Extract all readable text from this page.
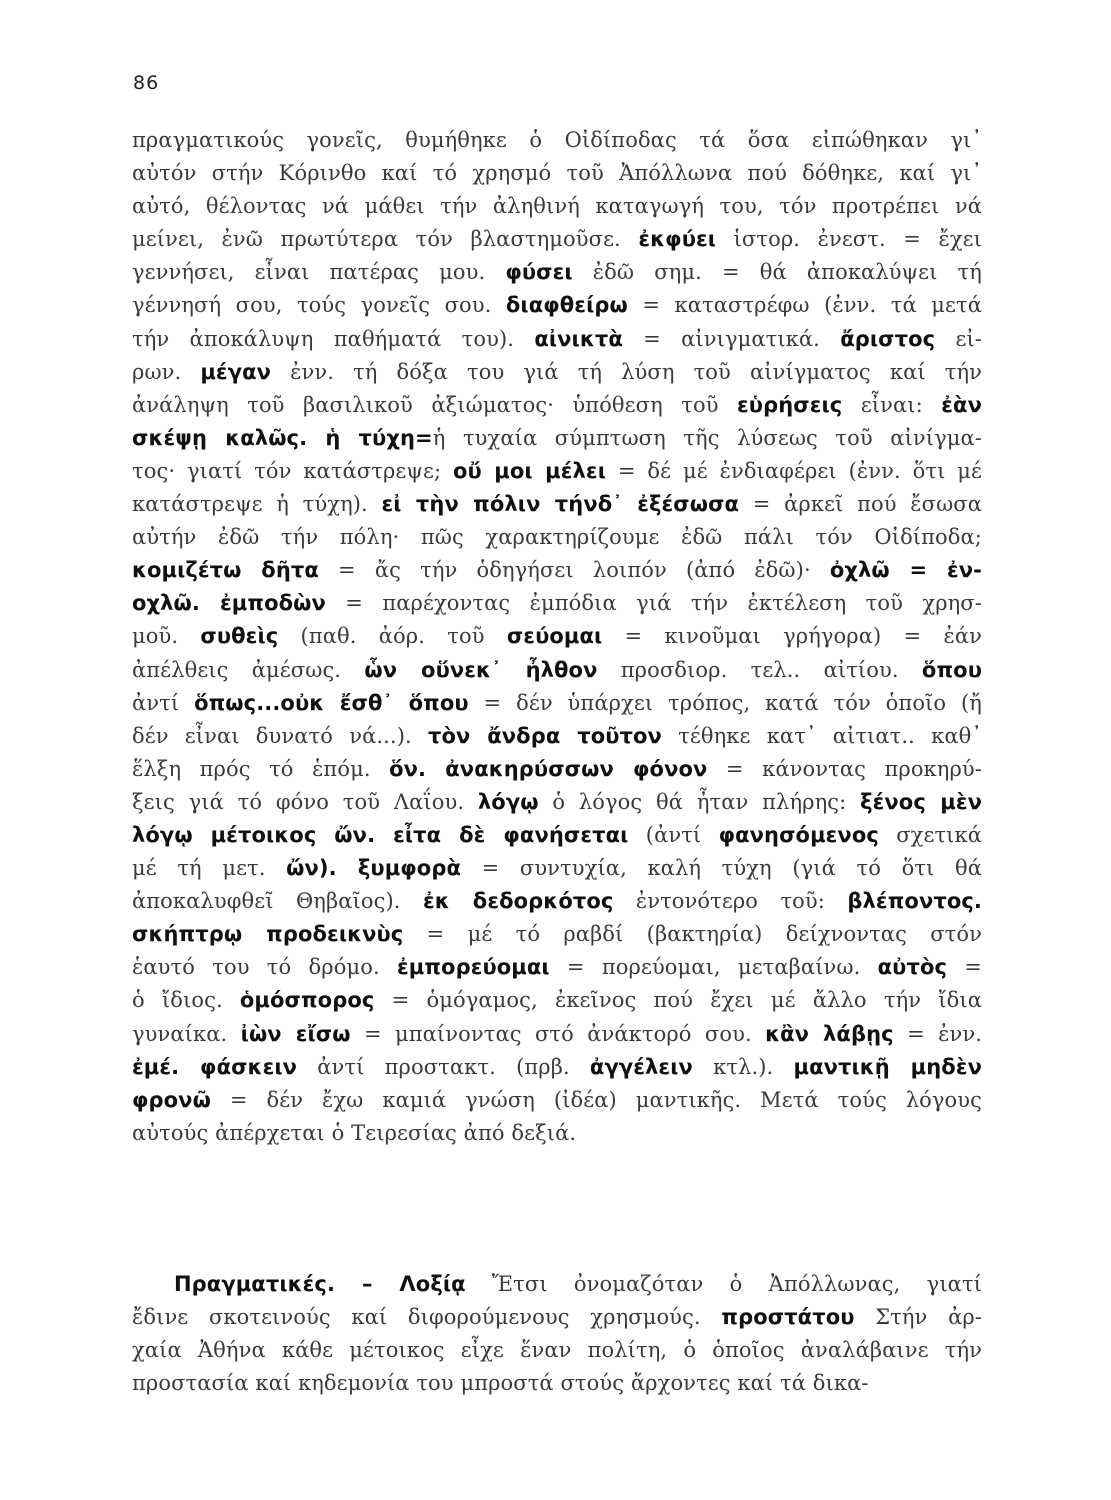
86
πραγματικούς γονεῖς, θυμήθηκε ὁ Οἰδίποδας τά ὅσα εἰπώθηκαν γι᾿
αὐτόν στήν Κόρινθο καί τό χρησμό τοῦ Ἀπόλλωνα πού δόθηκε, καί γι᾿
αὐτό, θέλοντας νά μάθει τήν ἀληθινή καταγωγή του, τόν προτρέπει νά
μείνει, ἐνῶ πρωτύτερα τόν βλαστημοῦσε. ἐκφύει ἱστορ. ἐνεστ. = ἔχει
γεννήσει, εἶναι πατέρας μου. φύσει ἐδῶ σημ. = θά ἀποκαλύψει τή
γέννησή σου, τούς γονεῖς σου. διαφθείρω = καταστρέφω (ἐνν. τά μετά
τήν ἀποκάλυψη παθήματά του). αἰνικτὰ = αἰνιγματικά. ἄριστος εἰ-
ρων. μέγαν ἐνν. τή δόξα του γιά τή λύση τοῦ αἰνίγματος καί τήν
ἀνάληψη τοῦ βασιλικοῦ ἀξιώματος· ὑπόθεση τοῦ εὑρήσεις εἶναι: ἐὰν
σκέψῃ καλῶς. ἡ τύχη=ἡ τυχαία σύμπτωση τῆς λύσεως τοῦ αἰνίγμα-
τος· γιατί τόν κατάστρεψε; οὔ μοι μέλει = δέ μέ ἐνδιαφέρει (ἐνν. ὅτι μέ
κατάστρεψε ἡ τύχη). εἰ τὴν πόλιν τήνδ᾿ ἐξέσωσα = ἀρκεῖ πού ἔσωσα
αὐτήν ἐδῶ τήν πόλη· πῶς χαρακτηρίζουμε ἐδῶ πάλι τόν Οἰδίποδα;
κομιζέτω δῆτα = ἄς τήν ὁδηγήσει λοιπόν (ἀπό ἐδῶ)· ὀχλῶ = ἐν-
οχλῶ. ἐμποδὼν = παρέχοντας ἐμπόδια γιά τήν ἐκτέλεση τοῦ χρησ-
μοῦ. συθεὶς (παθ. ἀόρ. τοῦ σεύομαι = κινοῦμαι γρήγορα) = ἐάν
ἀπέλθεις ἀμέσως. ὧν οὕνεκ᾿ ἦλθον προσδιορ. τελ.. αἰτίου. ὅπου
ἀντί ὅπως...οὐκ ἔσθ᾿ ὅπου = δέν ὑπάρχει τρόπος, κατά τόν ὁποῖο (ἤ
δέν εἶναι δυνατό νά...). τὸν ἄνδρα τοῦτον τέθηκε κατ᾿ αἰτιατ.. καθ᾿
ἕλξη πρός τό ἑπόμ. ὅν. ἀνακηρύσσων φόνον = κάνοντας προκηρύ-
ξεις γιά τό φόνο τοῦ Λαΐου. λόγῳ ὁ λόγος θά ἦταν πλήρης: ξένος μὲν
λόγῳ μέτοικος ὤν. εἶτα δὲ φανήσεται (ἀντί φανησόμενος σχετικά
μέ τή μετ. ὤν). ξυμφορὰ = συντυχία, καλή τύχη (γιά τό ὅτι θά
ἀποκαλυφθεῖ Θηβαῖος). ἐκ δεδορκότος ἐντονότερο τοῦ: βλέποντος.
σκήπτρῳ προδεικνὺς = μέ τό ραβδί (βακτηρία) δείχνοντας στόν
ἑαυτό του τό δρόμο. ἐμπορεύομαι = πορεύομαι, μεταβαίνω. αὐτὸς =
ὁ ἴδιος. ὁμόσπορος = ὁμόγαμος, ἐκεῖνος πού ἔχει μέ ἄλλο τήν ἴδια
γυναίκα. ἰὼν εἴσω = μπαίνοντας στό ἀνάκτορό σου. κἂν λάβῃς = ἐνν.
ἐμέ. φάσκειν ἀντί προστακτ. (πρβ. ἀγγέλειν κτλ.). μαντικῇ μηδὲν
φρονῶ = δέν ἔχω καμιά γνώση (ἰδέα) μαντικῆς. Μετά τούς λόγους
αὐτούς ἀπέρχεται ὁ Τειρεσίας ἀπό δεξιά.
Πραγματικές. – Λοξίᾳ Ἔτσι ὀνομαζόταν ὁ Ἀπόλλωνας, γιατί
ἔδινε σκοτεινούς καί διφορούμενους χρησμούς. προστάτου Στήν ἀρ-
χαία Ἀθήνα κάθε μέτοικος εἶχε ἕναν πολίτη, ὁ ὁποῖος ἀναλάβαινε τήν
προστασία καί κηδεμονία του μπροστά στούς ἄρχοντες καί τά δικα-
